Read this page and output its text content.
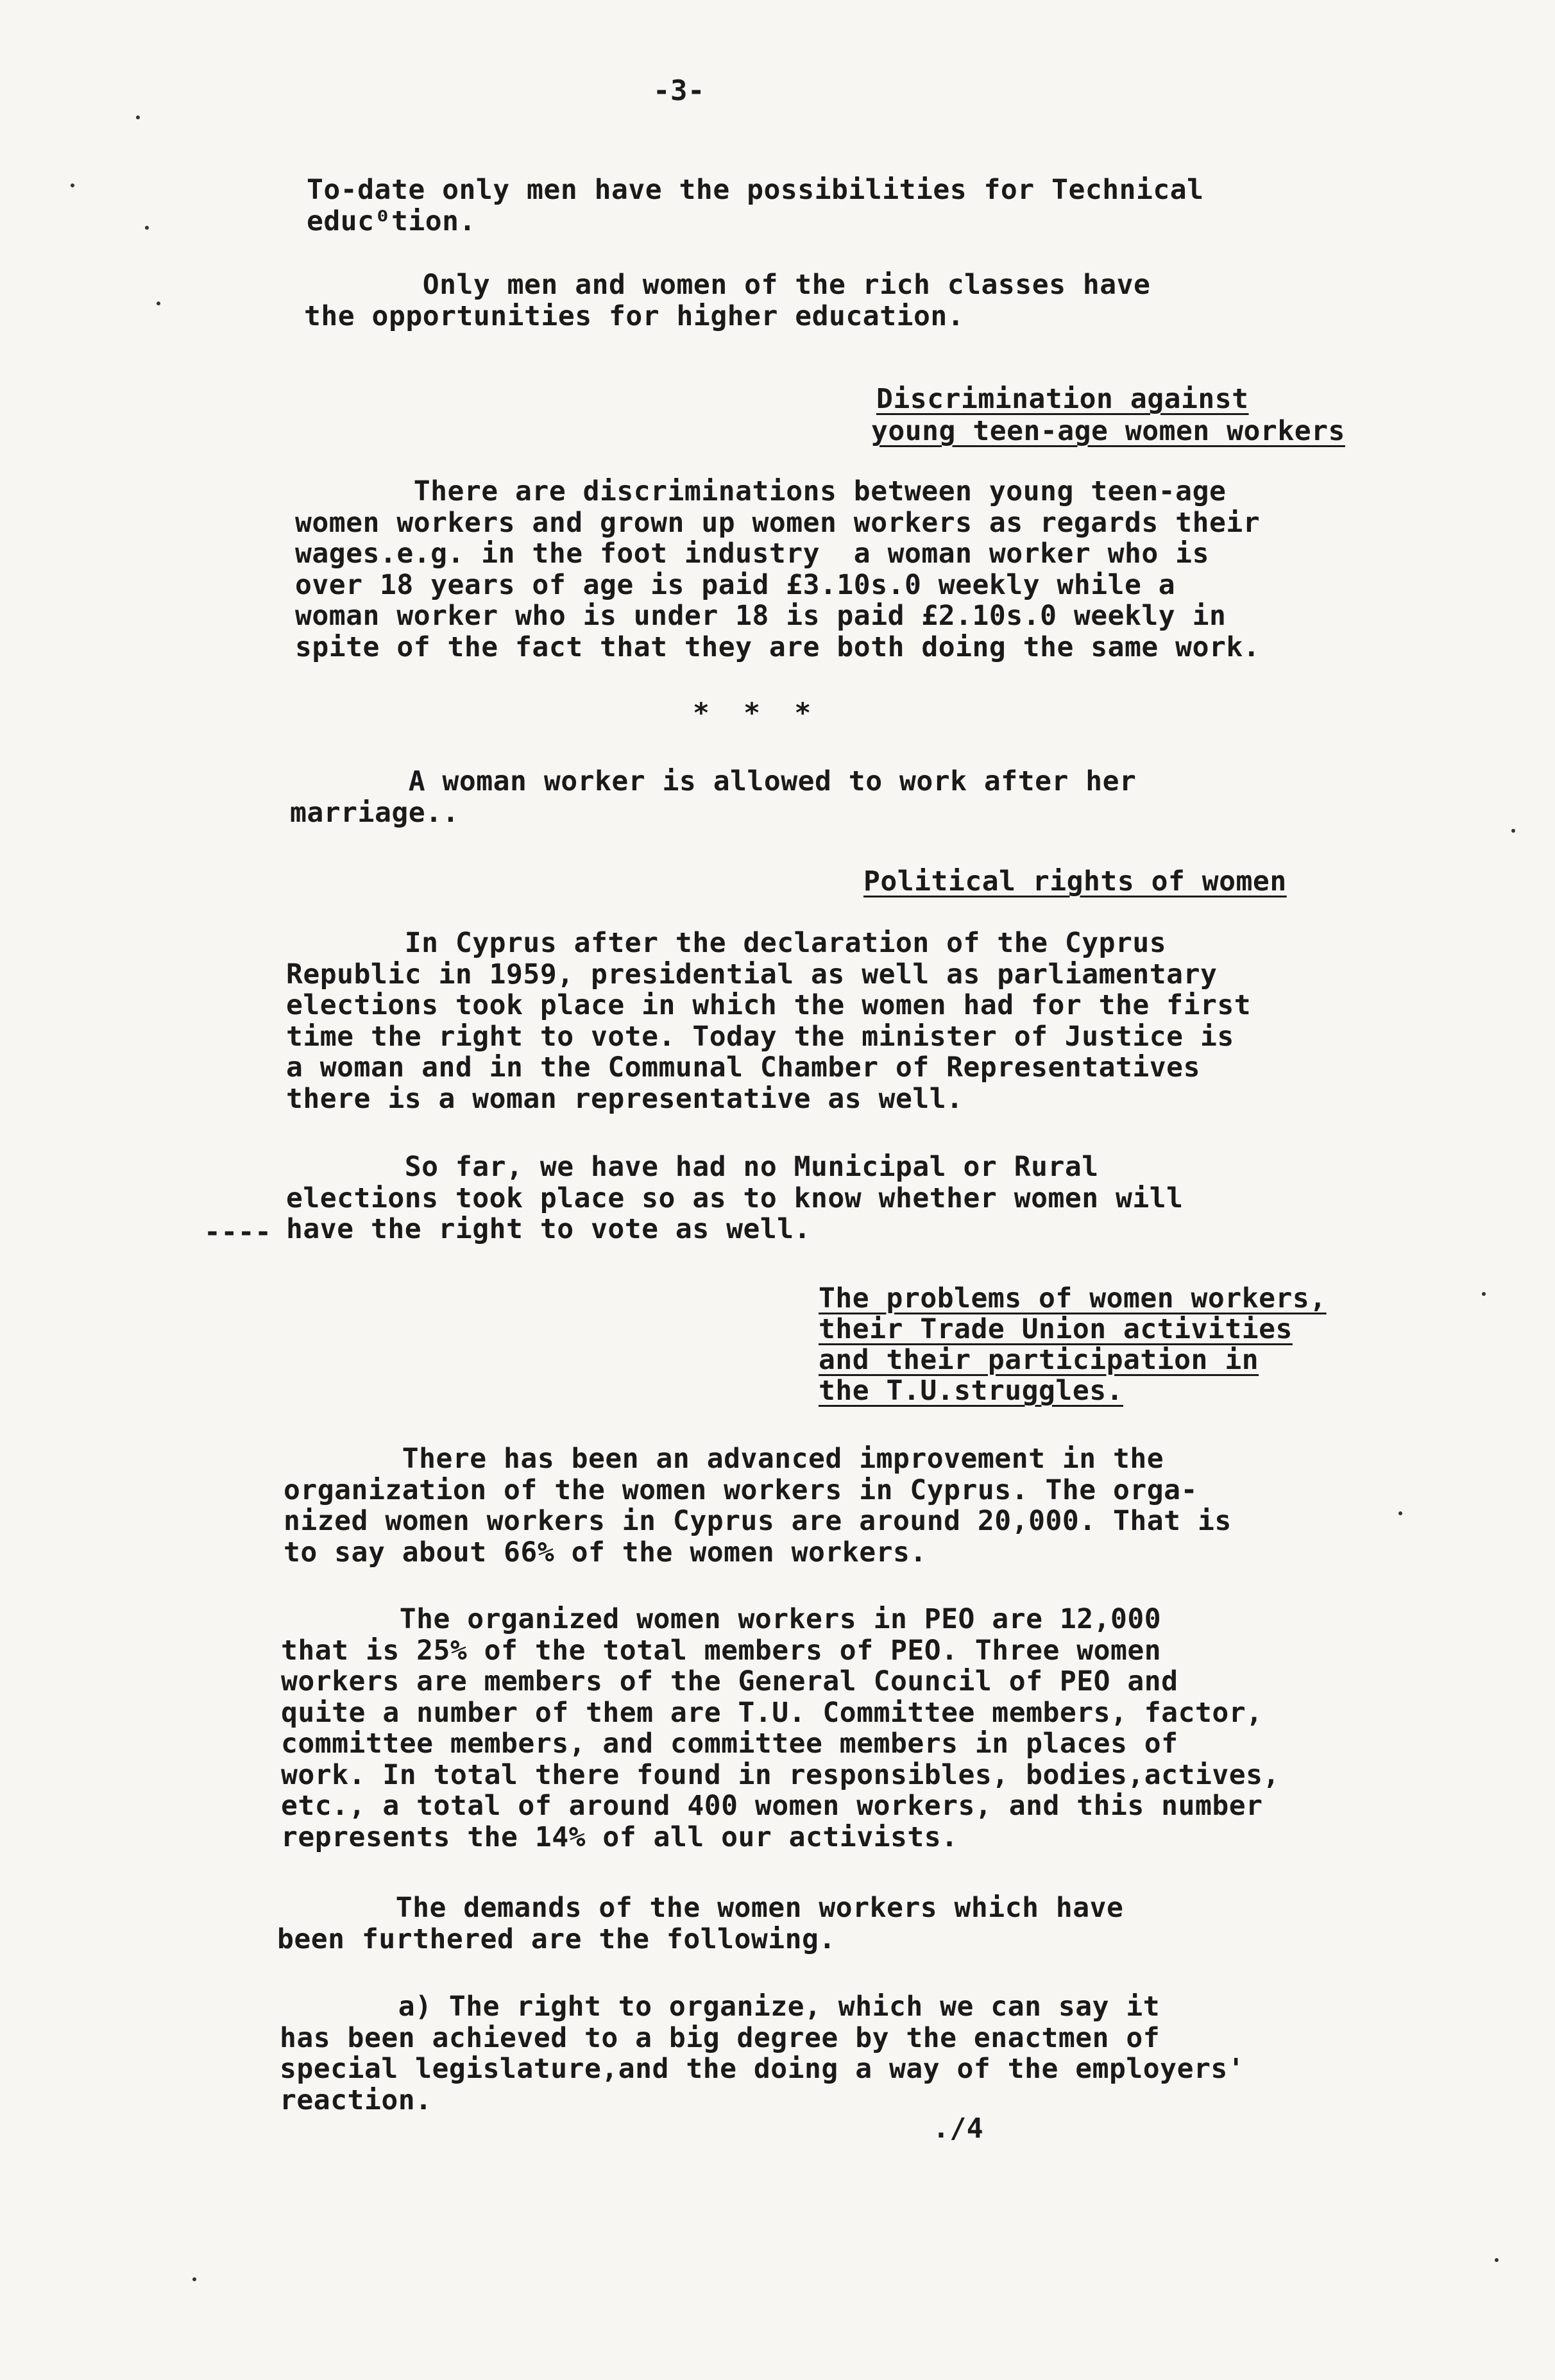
-3-
To-date only men have the possibilities for Technical
educ⁰tion.
Only men and women of the rich classes have
the opportunities for higher education.
Discrimination against
young teen-age women workers
There are discriminations between young teen-age
women workers and grown up women workers as regards their
wages.e.g. in the foot industry  a woman worker who is
over 18 years of age is paid £3.10s.0 weekly while a
woman worker who is under 18 is paid £2.10s.0 weekly in
spite of the fact that they are both doing the same work.
*  *  *
A woman worker is allowed to work after her
marriage..
Political rights of women
In Cyprus after the declaration of the Cyprus
Republic in 1959, presidential as well as parliamentary
elections took place in which the women had for the first
time the right to vote. Today the minister of Justice is
a woman and in the Communal Chamber of Representatives
there is a woman representative as well.
----
So far, we have had no Municipal or Rural
elections took place so as to know whether women will
have the right to vote as well.
The problems of women workers,
their Trade Union activities
and their participation in
the T.U.struggles.
There has been an advanced improvement in the
organization of the women workers in Cyprus. The orga-
nized women workers in Cyprus are around 20,000. That is
to say about 66% of the women workers.
The organized women workers in PEO are 12,000
that is 25% of the total members of PEO. Three women
workers are members of the General Council of PEO and
quite a number of them are T.U. Committee members, factor,
committee members, and committee members in places of
work. In total there found in responsibles, bodies,actives,
etc., a total of around 400 women workers, and this number
represents the 14% of all our activists.
The demands of the women workers which have
been furthered are the following.
a) The right to organize, which we can say it
has been achieved to a big degree by the enactmen of
special legislature,and the doing a way of the employers'
reaction.
./4
